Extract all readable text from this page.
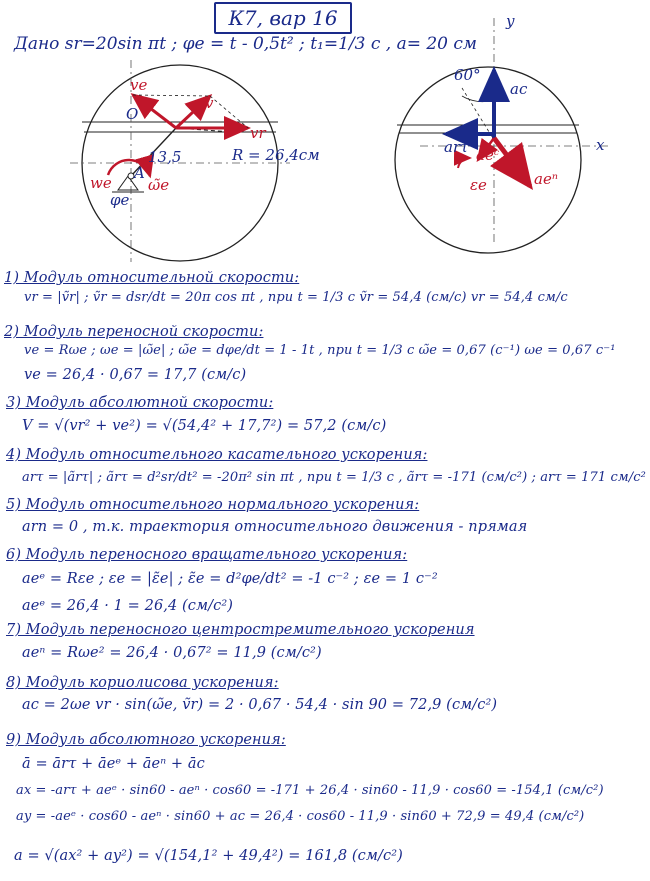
К7, вар 16
Дано sr=20sin πt ; φe = t - 0,5t² ; t₁=1/3 c , a= 20 см
ve
v
vr
O
R = 26,4см
13,5
A
we
φe
ω̃e
y
x
ac
60°
arτ aeᶜ
εe	aeⁿ
1) Модуль относительной скорости:
vr = |ṽr| ; ṽr = dsr/dt = 20π cos πt , при t = 1/3 c ṽr = 54,4 (см/с) vr = 54,4 см/с
2) Модуль переносной скорости:
ve = Rωe ; ωe = |ω̃e| ; ω̃e = dφe/dt = 1 - 1t , при t = 1/3 c ω̃e = 0,67 (c⁻¹) ωe = 0,67 c⁻¹
ve = 26,4 · 0,67 = 17,7 (см/с)
3) Модуль абсолютной скорости:
V = √(vr² + ve²) = √(54,4² + 17,7²) = 57,2 (см/с)
4) Модуль относительного касательного ускорения:
arτ = |ãrτ| ; ãrτ = d²sr/dt² = -20π² sin πt , при t = 1/3 c , ãrτ = -171 (см/с²) ; arτ = 171 см/с²
5) Модуль относительного нормального ускорения:
arn = 0 , т.к. траектория относительного движения - прямая
6) Модуль переносного вращательного ускорения:
aeᵉ = Rεe ; εe = |ε̃e| ; ε̃e = d²φe/dt² = -1 c⁻² ; εe = 1 c⁻²
aeᵉ = 26,4 · 1 = 26,4 (см/с²)
7) Модуль переносного центростремительного ускорения
aeⁿ = Rωe² = 26,4 · 0,67² = 11,9 (см/с²)
8) Модуль кориолисова ускорения:
ac = 2ωe vr · sin(ω̃e, ṽr) = 2 · 0,67 · 54,4 · sin 90 = 72,9 (см/с²)
9) Модуль абсолютного ускорения:
ā = ārτ + āeᵉ + āeⁿ + āc
ax = -arτ + aeᵉ · sin60 - aeⁿ · cos60 = -171 + 26,4 · sin60 - 11,9 · cos60 = -154,1 (см/с²)
ay = -aeᵉ · cos60 - aeⁿ · sin60 + ac = 26,4 · cos60 - 11,9 · sin60 + 72,9 = 49,4 (см/с²)
a = √(ax² + ay²) = √(154,1² + 49,4²) = 161,8 (см/с²)
